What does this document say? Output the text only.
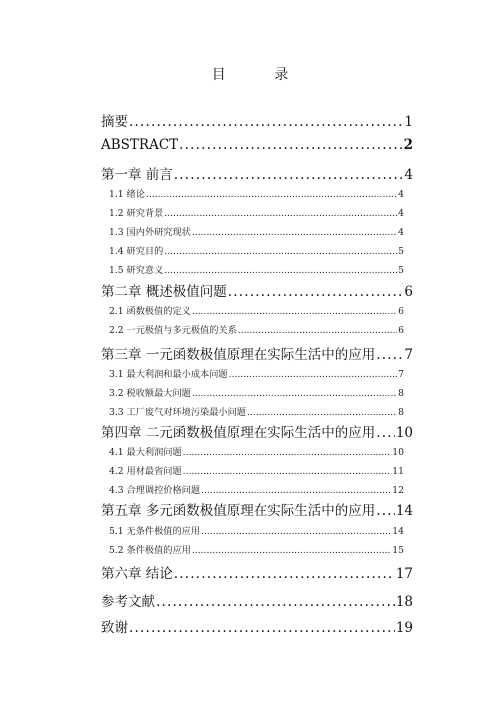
目 录
摘要 .....	1
ABSTRACT .....	2
第一章 前言 .....	4
1.1 绪论 .....	4
1.2 研究背景 .....	4
1.3 国内外研究现状 .....	4
1.4 研究目的 .....	5
1.5 研究意义 .....	5
第二章 概述极值问题 .....	6
2.1 函数极值的定义 .....	6
2.2 一元极值与多元极值的关系 .....	6
第三章 一元函数极值原理在实际生活中的应用 ..... 7
3.1 最大利润和最小成本问题 .....	7
3.2 税收额最大问题 .....	8
3.3 工厂废气对环境污染最小问题 .....	8
第四章 二元函数极值原理在实际生活中的应用 ..... 10
4.1 最大利润问题 .....	10
4.2 用材最省问题 .....	11
4.3 合理调控价格问题 .....	12
第五章 多元函数极值原理在实际生活中的应用 ..... 14
5.1 无条件极值的应用 .....	14
5.2 条件极值的应用 .....	15
第六章 结论 .....	17
参考文献 .....	18
致谢 .....	19
